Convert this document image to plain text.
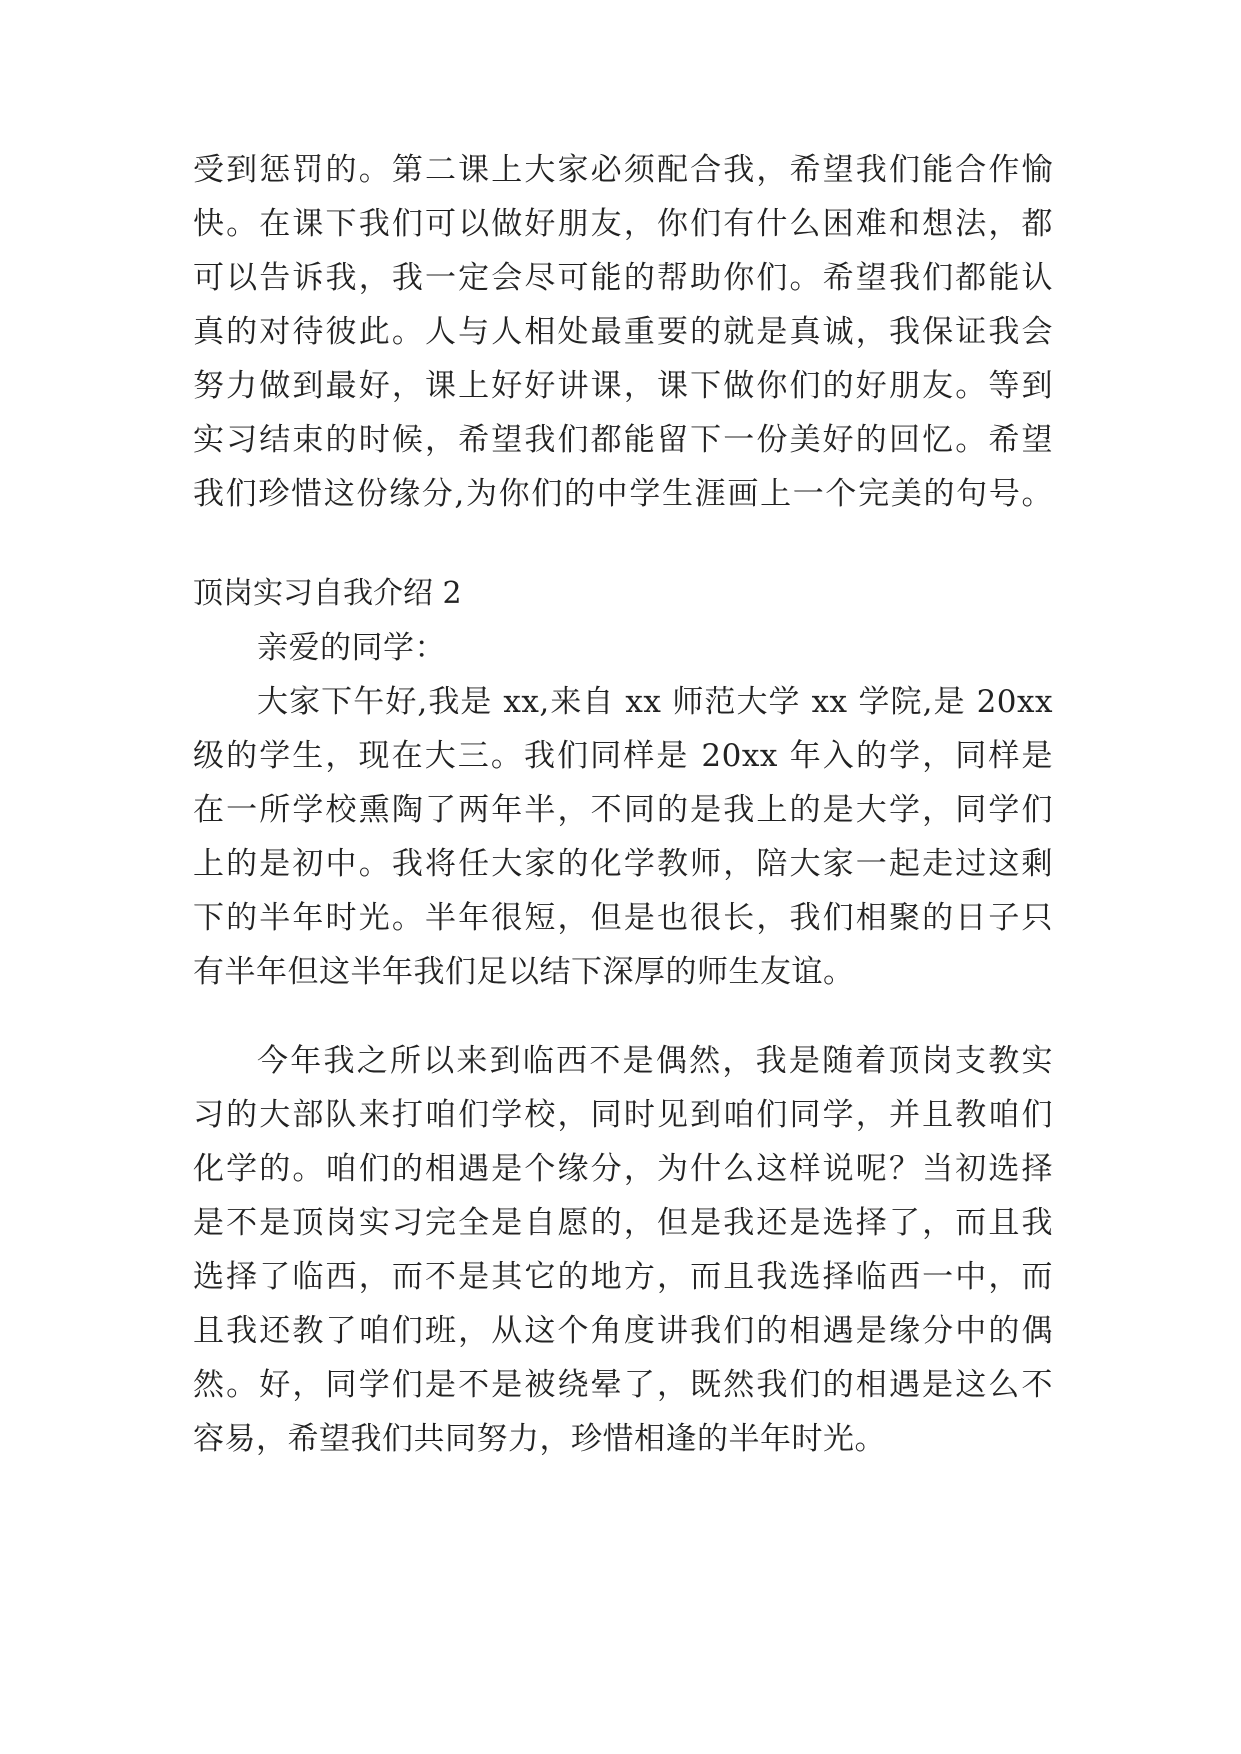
受到惩罚的。第二课上大家必须配合我，希望我们能合作愉
快。在课下我们可以做好朋友，你们有什么困难和想法，都
可以告诉我，我一定会尽可能的帮助你们。希望我们都能认
真的对待彼此。人与人相处最重要的就是真诚，我保证我会
努力做到最好，课上好好讲课，课下做你们的好朋友。等到
实习结束的时候，希望我们都能留下一份美好的回忆。希望
我们珍惜这份缘分,为你们的中学生涯画上一个完美的句号。
顶岗实习自我介绍 2
亲爱的同学：
大家下午好,我是 xx,来自 xx 师范大学 xx 学院,是 20xx
级的学生，现在大三。我们同样是 20xx 年入的学，同样是
在一所学校熏陶了两年半，不同的是我上的是大学，同学们
上的是初中。我将任大家的化学教师，陪大家一起走过这剩
下的半年时光。半年很短，但是也很长，我们相聚的日子只
有半年但这半年我们足以结下深厚的师生友谊。
今年我之所以来到临西不是偶然，我是随着顶岗支教实
习的大部队来打咱们学校，同时见到咱们同学，并且教咱们
化学的。咱们的相遇是个缘分，为什么这样说呢？当初选择
是不是顶岗实习完全是自愿的，但是我还是选择了，而且我
选择了临西，而不是其它的地方，而且我选择临西一中，而
且我还教了咱们班，从这个角度讲我们的相遇是缘分中的偶
然。好，同学们是不是被绕晕了，既然我们的相遇是这么不
容易，希望我们共同努力，珍惜相逢的半年时光。
